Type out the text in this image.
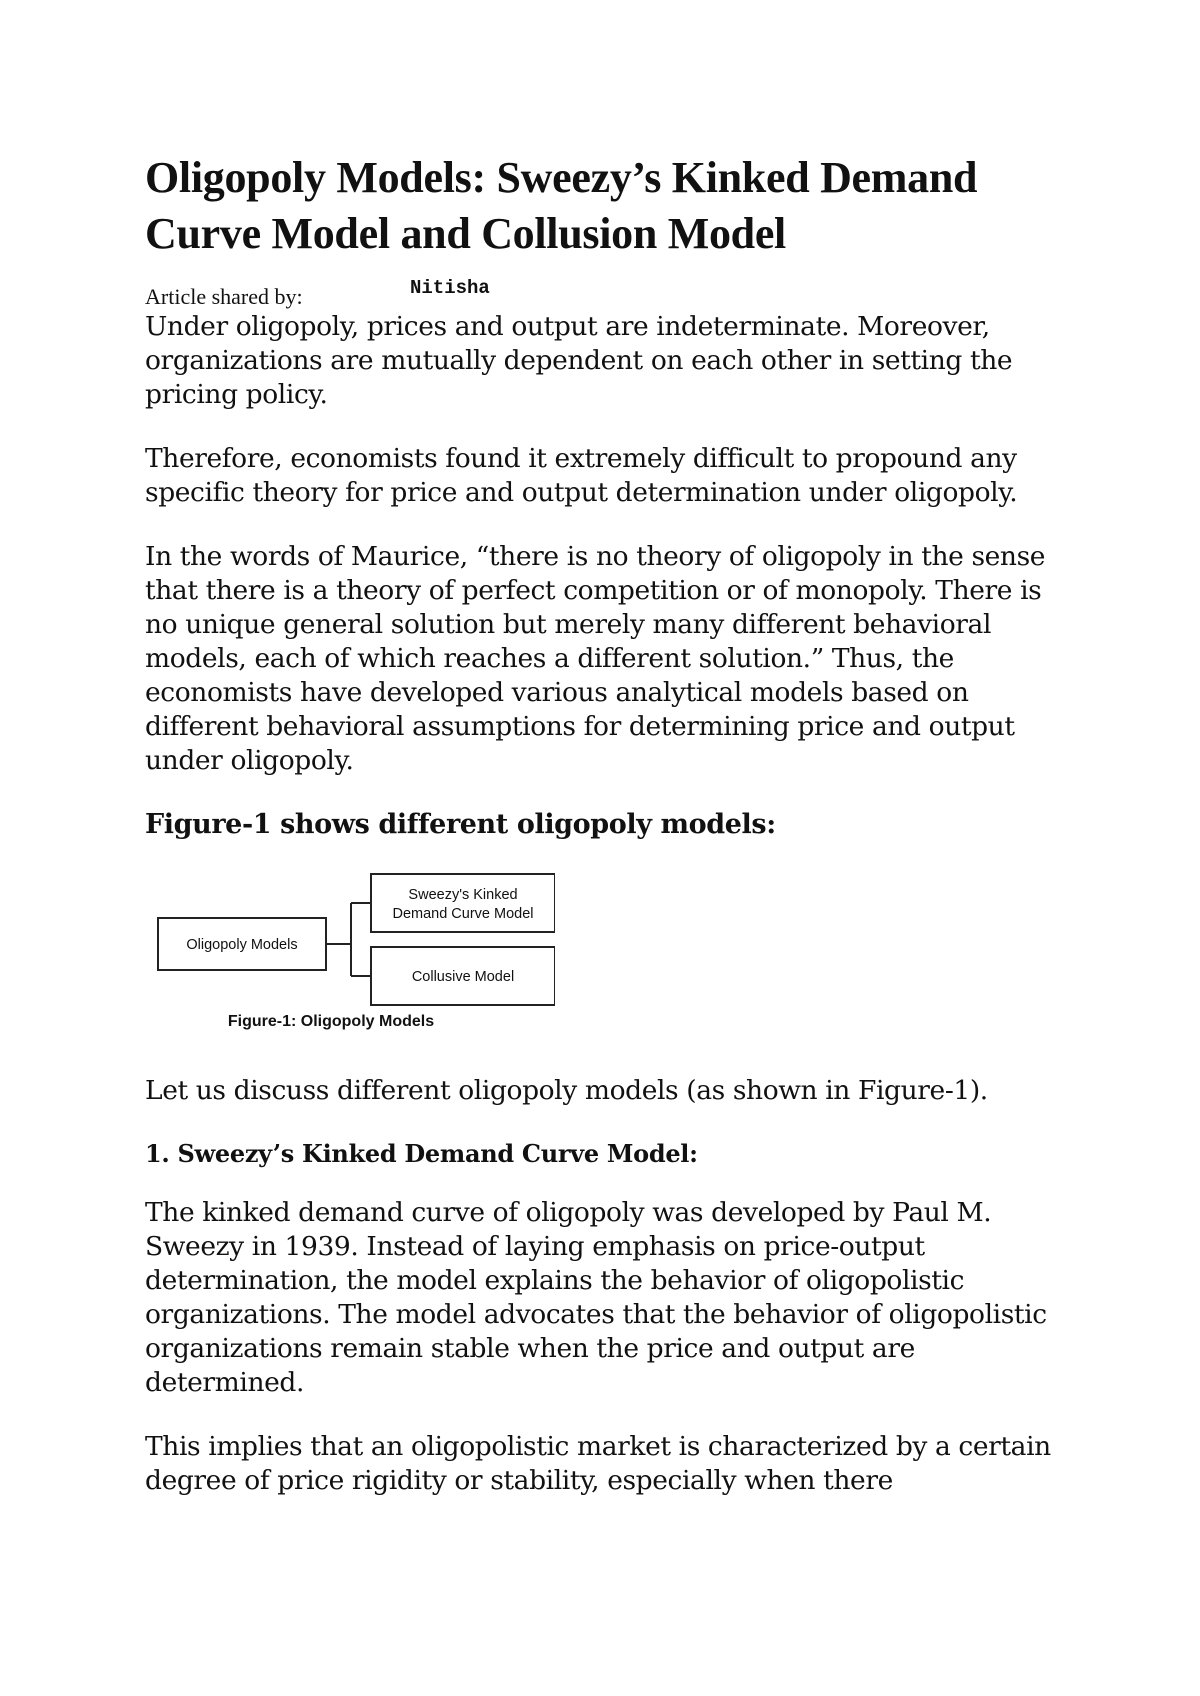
Oligopoly Models: Sweezy’s Kinked Demand Curve Model and Collusion Model
Article shared by:	Nitisha

Under oligopoly, prices and output are indeterminate. Moreover, organizations are mutually dependent on each other in setting the pricing policy.

Therefore, economists found it extremely difficult to propound any specific theory for price and output determination under oligopoly.

In the words of Maurice, “there is no theory of oligopoly in the sense that there is a theory of perfect competition or of monopoly. There is no unique general solution but merely many different behavioral models, each of which reaches a different solution.” Thus, the economists have developed various analytical models based on different behavioral assumptions for determining price and output under oligopoly.

Figure-1 shows different oligopoly models:
Oligopoly Models
Sweezy's Kinked
Demand Curve Model
Collusive Model
Figure-1: Oligopoly Models

Let us discuss different oligopoly models (as shown in Figure-1).

1. Sweezy’s Kinked Demand Curve Model:

The kinked demand curve of oligopoly was developed by Paul M. Sweezy in 1939. Instead of laying emphasis on price-output determination, the model explains the behavior of oligopolistic organizations. The model advocates that the behavior of oligopolistic organizations remain stable when the price and output are determined.

This implies that an oligopolistic market is characterized by a certain degree of price rigidity or stability, especially when there
